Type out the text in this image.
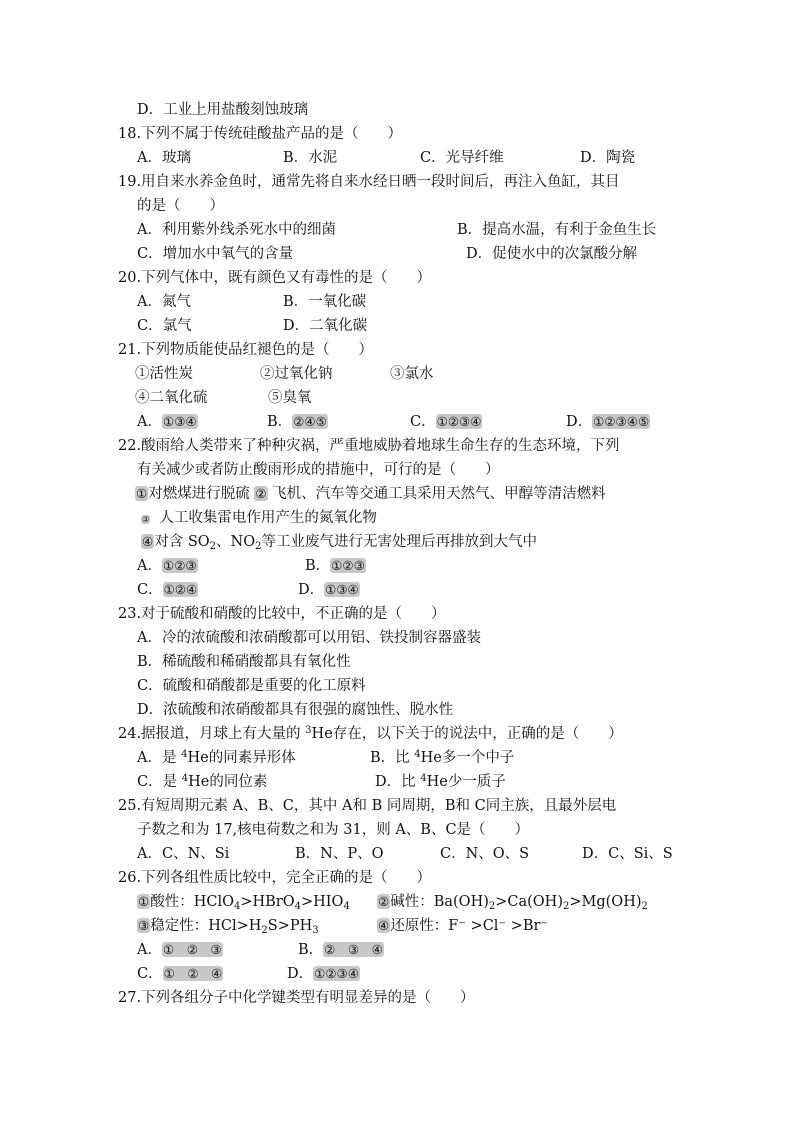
D．工业上用盐酸刻蚀玻璃
18.下列不属于传统硅酸盐产品的是（　　）
A．玻璃	B．水泥	C．光导纤维	D．陶瓷
19.用自来水养金鱼时，通常先将自来水经日晒一段时间后，再注入鱼缸，其目
的是（　　）
A．利用紫外线杀死水中的细菌	B．提高水温，有利于金鱼生长
C．增加水中氧气的含量	D．促使水中的次氯酸分解
20.下列气体中，既有颜色又有毒性的是（　　）
A．氮气	B．一氧化碳
C．氯气	D．二氧化碳
21.下列物质能使品红褪色的是（　　）
①活性炭	②过氧化钠	③氯水
④二氧化硫	⑤臭氧
A．①③④	B．②④⑤	C．①②③④	D．①②③④⑤
22.酸雨给人类带来了种种灾祸，严重地威胁着地球生命生存的生态环境，下列
有关减少或者防止酸雨形成的措施中，可行的是（　　）
①对燃煤进行脱硫 ② 飞机、汽车等交通工具采用天然气、甲醇等清洁燃料
③ 人工收集雷电作用产生的氮氧化物
④对含 $SO_2$、$NO_2$等工业废气进行无害处理后再排放到大气中
A．①②③	B．①②③
C．①②④	D．①③④
23.对于硫酸和硝酸的比较中，不正确的是（　　）
A．冷的浓硫酸和浓硝酸都可以用铝、铁投制容器盛装
B．稀硫酸和稀硝酸都具有氧化性
C．硫酸和硝酸都是重要的化工原料
D．浓硫酸和浓硝酸都具有很强的腐蚀性、脱水性
24.据报道，月球上有大量的 $^3$He存在，以下关于的说法中，正确的是（　　）
A．是 $^4$He的同素异形体	B．比 $^4$He多一个中子
C．是 $^4$He的同位素	D．比 $^4$He少一质子
25.有短周期元素 A、B、C，其中 A和 B 同周期，B和 C同主族，且最外层电
子数之和为 17,核电荷数之和为 31，则 A、B、C是（　　）
A．C、N、Si	B．N、P、O	C．N、O、S	D．C、Si、S
26.下列各组性质比较中，完全正确的是（　　）
①酸性：$HClO_4>HBrO_4>HIO_4$ ②碱性：$Ba(OH)_2>Ca(OH)_2>Mg(OH)_2$
③稳定性：$HCl>H_2S>PH_3$	④还原性：F⁻ >Cl⁻ >Br⁻
A．①　②　③	B．②　③　④
C．①　②　④	D．①②③④
27.下列各组分子中化学键类型有明显差异的是（　　）
